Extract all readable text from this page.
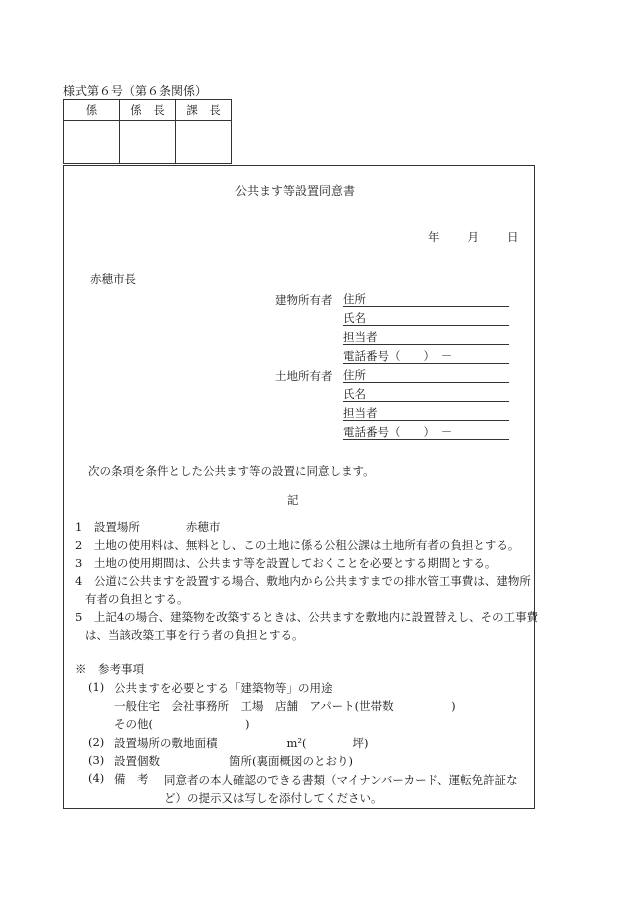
様式第６号（第６条関係）
係	係　長	課　長

公共ます等設置同意書
年 月 日
赤穂市長
建物所有者 住所
氏名
担当者
電話番号（　　）　－
土地所有者 住所
氏名
担当者
電話番号（　　）　－
次の条項を条件とした公共ます等の設置に同意します。
記
1　 設置場所　　　　赤穂市
2　 土地の使用料は、無料とし、この土地に係る公租公課は土地所有者の負担とする。
3　 土地の使用期間は、公共ます等を設置しておくことを必要とする期間とする。
4　 公道に公共ますを設置する場合、敷地内から公共ますまでの排水管工事費は、建物所有者の負担とする。
5　 上記4の場合、建築物を改築するときは、公共ますを敷地内に設置替えし、その工事費は、当該改築工事を行う者の負担とする。
※　参考事項
(1) 公共ますを必要とする「建築物等」の用途
一般住宅　会社事務所　工場　店舗　アパート(世帯数　　　　　)
その他(　　　　　　　　)
(2) 設置場所の敷地面積　　　　　　m²(　　　　坪)
(3) 設置個数　　　　　　箇所(裏面概図のとおり)
(4) 備　考 同意者の本人確認のできる書類（マイナンバーカード、運転免許証など）の提示又は写しを添付してください。
